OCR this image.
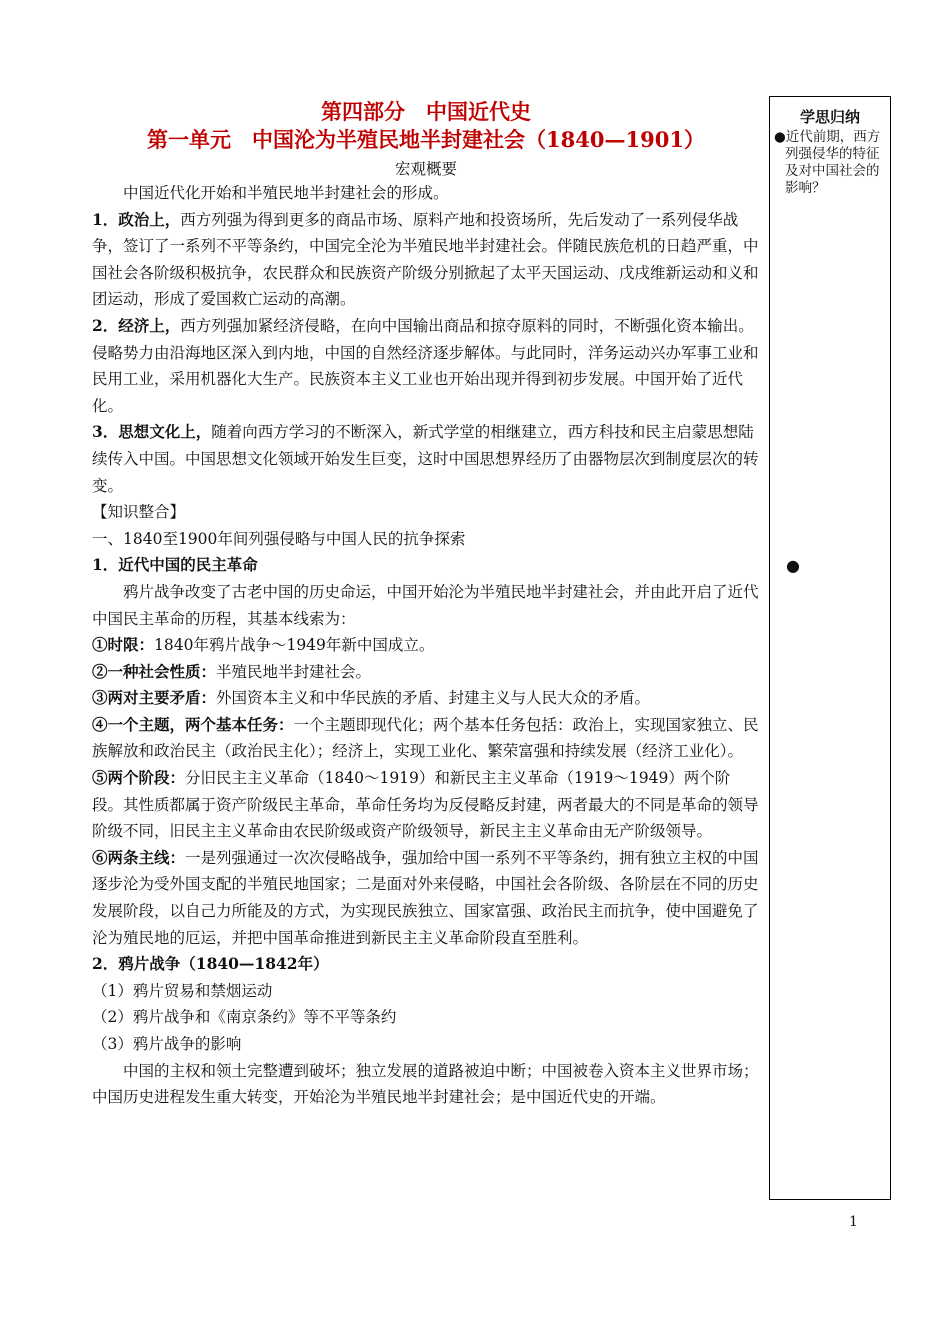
第四部分　中国近代史
第一单元　中国沦为半殖民地半封建社会（1840—1901）
宏观概要
中国近代化开始和半殖民地半封建社会的形成。
1．政治上，西方列强为得到更多的商品市场、原料产地和投资场所，先后发动了一系列侵华战争，签订了一系列不平等条约，中国完全沦为半殖民地半封建社会。伴随民族危机的日趋严重，中国社会各阶级积极抗争，农民群众和民族资产阶级分别掀起了太平天国运动、戊戌维新运动和义和团运动，形成了爱国救亡运动的高潮。
2．经济上，西方列强加紧经济侵略，在向中国输出商品和掠夺原料的同时，不断强化资本输出。侵略势力由沿海地区深入到内地，中国的自然经济逐步解体。与此同时，洋务运动兴办军事工业和民用工业，采用机器化大生产。民族资本主义工业也开始出现并得到初步发展。中国开始了近代化。
3．思想文化上，随着向西方学习的不断深入，新式学堂的相继建立，西方科技和民主启蒙思想陆续传入中国。中国思想文化领域开始发生巨变，这时中国思想界经历了由器物层次到制度层次的转变。
【知识整合】
一、1840至1900年间列强侵略与中国人民的抗争探索
1．近代中国的民主革命
鸦片战争改变了古老中国的历史命运，中国开始沦为半殖民地半封建社会，并由此开启了近代中国民主革命的历程，其基本线索为：
①时限：1840年鸦片战争～1949年新中国成立。
②一种社会性质：半殖民地半封建社会。
③两对主要矛盾：外国资本主义和中华民族的矛盾、封建主义与人民大众的矛盾。
④一个主题，两个基本任务：一个主题即现代化；两个基本任务包括：政治上，实现国家独立、民族解放和政治民主（政治民主化）；经济上，实现工业化、繁荣富强和持续发展（经济工业化）。
⑤两个阶段：分旧民主主义革命（1840～1919）和新民主主义革命（1919～1949）两个阶段。其性质都属于资产阶级民主革命，革命任务均为反侵略反封建，两者最大的不同是革命的领导阶级不同，旧民主主义革命由农民阶级或资产阶级领导，新民主主义革命由无产阶级领导。
⑥两条主线：一是列强通过一次次侵略战争，强加给中国一系列不平等条约，拥有独立主权的中国逐步沦为受外国支配的半殖民地国家；二是面对外来侵略，中国社会各阶级、各阶层在不同的历史发展阶段，以自己力所能及的方式，为实现民族独立、国家富强、政治民主而抗争，使中国避免了沦为殖民地的厄运，并把中国革命推进到新民主主义革命阶段直至胜利。
2．鸦片战争（1840—1842年）
（1）鸦片贸易和禁烟运动
（2）鸦片战争和《南京条约》等不平等条约
（3）鸦片战争的影响
中国的主权和领土完整遭到破坏；独立发展的道路被迫中断；中国被卷入资本主义世界市场；中国历史进程发生重大转变，开始沦为半殖民地半封建社会；是中国近代史的开端。
学思归纳
●近代前期，西方列强侵华的特征及对中国社会的影响？
●
1
